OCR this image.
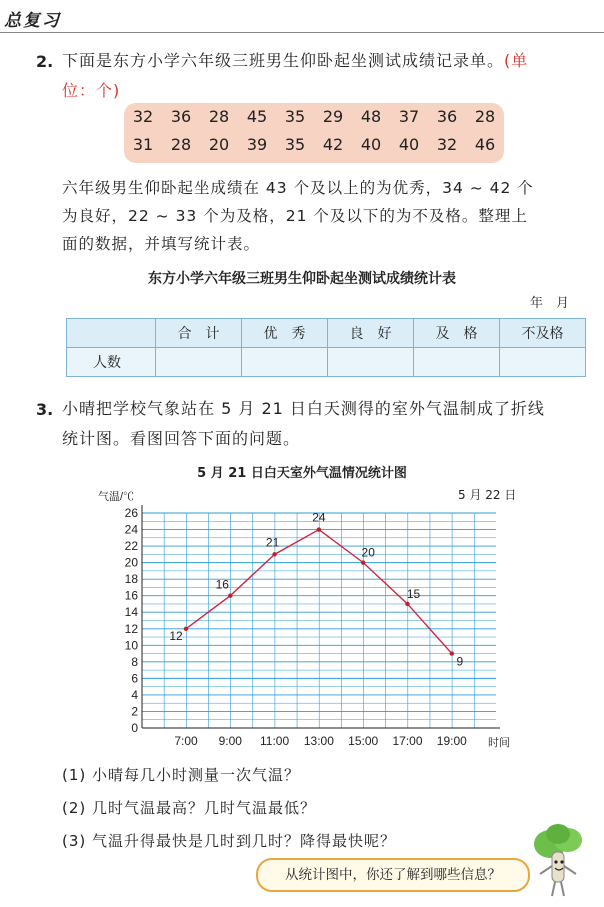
总复习
2. 下面是东方小学六年级三班男生仰卧起坐测试成绩记录单。(单
位：个)
32 36 28 45 35 29 48 37 36 28
31 28 20 39 35 42 40 40 32 46
六年级男生仰卧起坐成绩在 43 个及以上的为优秀，34 ~ 42 个
为良好，22 ~ 33 个为及格，21 个及以下的为不及格。整理上
面的数据，并填写统计表。
东方小学六年级三班男生仰卧起坐测试成绩统计表
年　月
	合　计	优　秀	良　好	及　格	不及格
人数					
3. 小晴把学校气象站在 5 月 21 日白天测得的室外气温制成了折线
统计图。看图回答下面的问题。
5 月 21 日白天室外气温情况统计图
5 月 22 日
气温/℃
时间
0
2
4
6
8
10
12
14
16
18
20
22
24
26
7:00 9:00 11:00 13:00 15:00 17:00 19:00
12
16
21
24
20
15
9
(1) 小晴每几小时测量一次气温？
(2) 几时气温最高？几时气温最低？
(3) 气温升得最快是几时到几时？降得最快呢？
从统计图中，你还了解到哪些信息？
